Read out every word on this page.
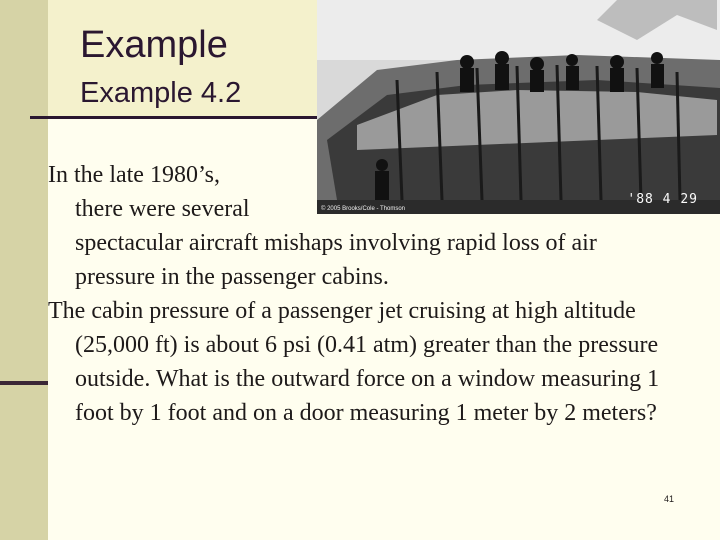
Example
Example 4.2
© 2005 Brooks/Cole - Thomson
'88 4 29

In the late 1980’s,
there were several
spectacular aircraft mishaps involving rapid loss of air pressure in the passenger cabins.

The cabin pressure of a passenger jet cruising at high altitude (25,000 ft) is about 6 psi (0.41 atm) greater than the pressure outside. What is the outward force on a window measuring 1 foot by 1 foot and on a door measuring 1 meter by 2 meters?

41
